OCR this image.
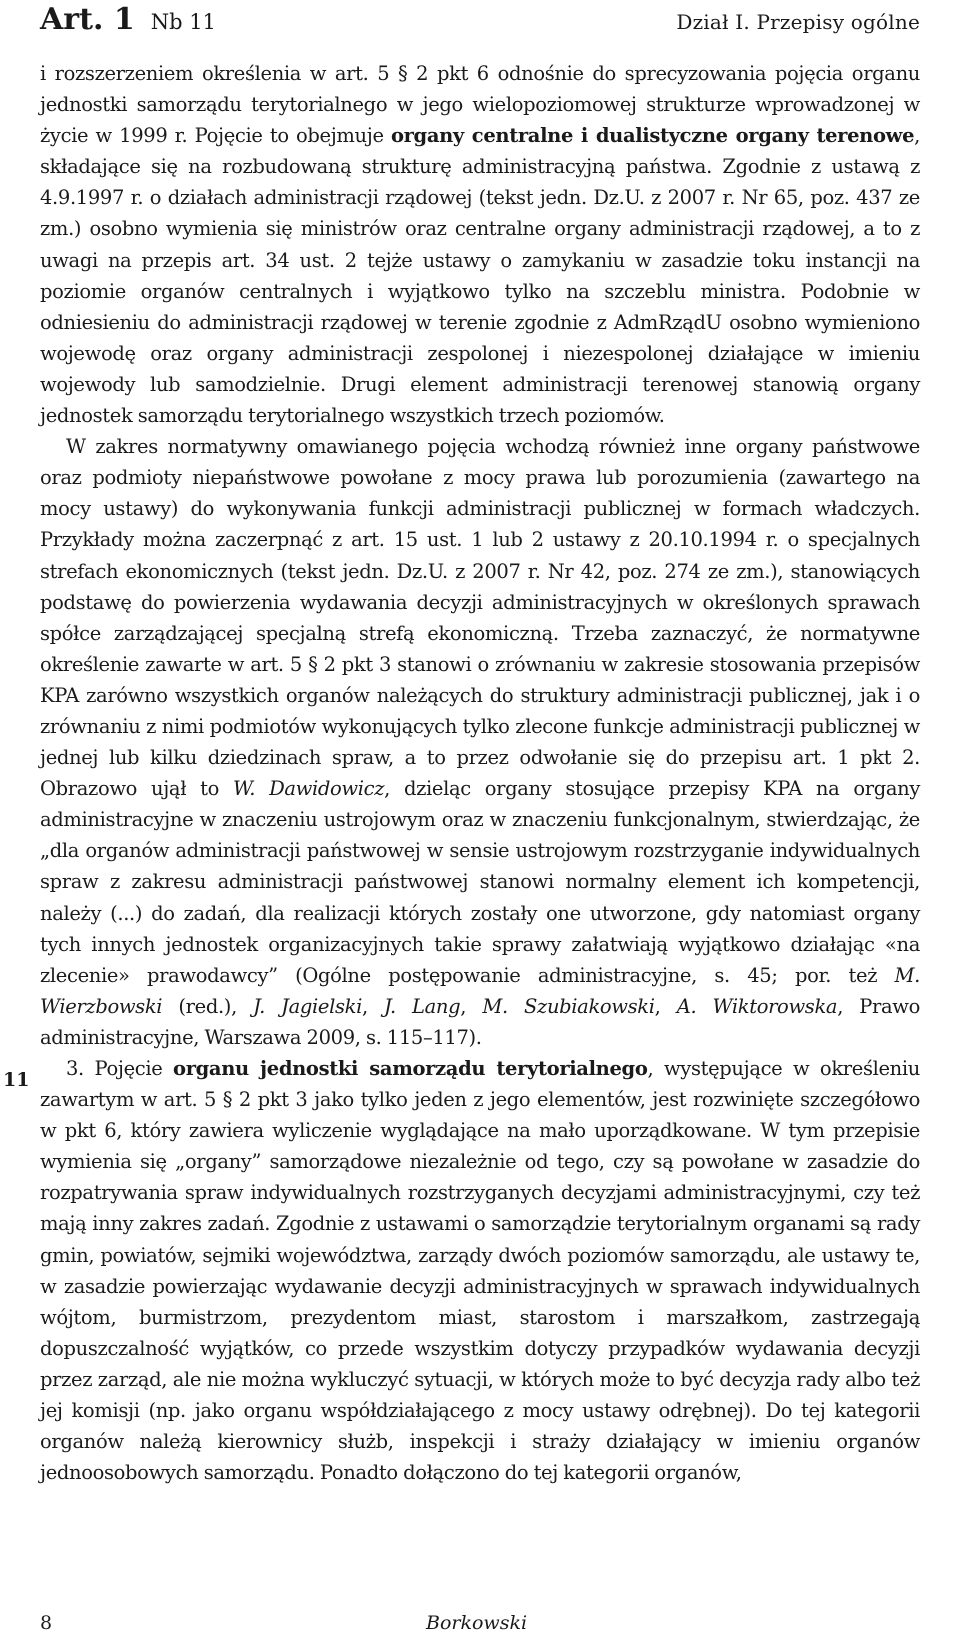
Art. 1 Nb 11	Dział I. Przepisy ogólne

i rozszerzeniem określenia w art. 5 § 2 pkt 6 odnośnie do sprecyzowania pojęcia organu jednostki samorządu terytorialnego w jego wielopoziomowej strukturze wprowadzonej w życie w 1999 r. Pojęcie to obejmuje organy centralne i dualistyczne organy terenowe, składające się na rozbudowaną strukturę administracyjną państwa. Zgodnie z ustawą z 4.9.1997 r. o działach administracji rządowej (tekst jedn. Dz.U. z 2007 r. Nr 65, poz. 437 ze zm.) osobno wymienia się ministrów oraz centralne organy administracji rządowej, a to z uwagi na przepis art. 34 ust. 2 tejże ustawy o zamykaniu w zasadzie toku instancji na poziomie organów centralnych i wyjątkowo tylko na szczeblu ministra. Podobnie w odniesieniu do administracji rządowej w terenie zgodnie z AdmRządU osobno wymieniono wojewodę oraz organy administracji zespolonej i niezespolonej działające w imieniu wojewody lub samodzielnie. Drugi element administracji terenowej stanowią organy jednostek samorządu terytorialnego wszystkich trzech poziomów.

W zakres normatywny omawianego pojęcia wchodzą również inne organy państwowe oraz podmioty niepaństwowe powołane z mocy prawa lub porozumienia (zawartego na mocy ustawy) do wykonywania funkcji administracji publicznej w formach władczych. Przykłady można zaczerpnąć z art. 15 ust. 1 lub 2 ustawy z 20.10.1994 r. o specjalnych strefach ekonomicznych (tekst jedn. Dz.U. z 2007 r. Nr 42, poz. 274 ze zm.), stanowiących podstawę do powierzenia wydawania decyzji administracyjnych w określonych sprawach spółce zarządzającej specjalną strefą ekonomiczną. Trzeba zaznaczyć, że normatywne określenie zawarte w art. 5 § 2 pkt 3 stanowi o zrównaniu w zakresie stosowania przepisów KPA zarówno wszystkich organów należących do struktury administracji publicznej, jak i o zrównaniu z nimi podmiotów wykonujących tylko zlecone funkcje administracji publicznej w jednej lub kilku dziedzinach spraw, a to przez odwołanie się do przepisu art. 1 pkt 2. Obrazowo ujął to W. Dawidowicz, dzieląc organy stosujące przepisy KPA na organy administracyjne w znaczeniu ustrojowym oraz w znaczeniu funkcjonalnym, stwierdzając, że „dla organów administracji państwowej w sensie ustrojowym rozstrzyganie indywidualnych spraw z zakresu administracji państwowej stanowi normalny element ich kompetencji, należy (...) do zadań, dla realizacji których zostały one utworzone, gdy natomiast organy tych innych jednostek organizacyjnych takie sprawy załatwiają wyjątkowo działając «na zlecenie» prawodawcy” (Ogólne postępowanie administracyjne, s. 45; por. też M. Wierzbowski (red.), J. Jagielski, J. Lang, M. Szubiakowski, A. Wiktorowska, Prawo administracyjne, Warszawa 2009, s. 115–117).

3. Pojęcie organu jednostki samorządu terytorialnego, występujące w określeniu zawartym w art. 5 § 2 pkt 3 jako tylko jeden z jego elementów, jest rozwinięte szczegółowo w pkt 6, który zawiera wyliczenie wyglądające na mało uporządkowane. W tym przepisie wymienia się „organy” samorządowe niezależnie od tego, czy są powołane w zasadzie do rozpatrywania spraw indywidualnych rozstrzyganych decyzjami administracyjnymi, czy też mają inny zakres zadań. Zgodnie z ustawami o samorządzie terytorialnym organami są rady gmin, powiatów, sejmiki województwa, zarządy dwóch poziomów samorządu, ale ustawy te, w zasadzie powierzając wydawanie decyzji administracyjnych w sprawach indywidualnych wójtom, burmistrzom, prezydentom miast, starostom i marszałkom, zastrzegają dopuszczalność wyjątków, co przede wszystkim dotyczy przypadków wydawania decyzji przez zarząd, ale nie można wykluczyć sytuacji, w których może to być decyzja rady albo też jej komisji (np. jako organu współdziałającego z mocy ustawy odrębnej). Do tej kategorii organów należą kierownicy służb, inspekcji i straży działający w imieniu organów jednoosobowych samorządu. Ponadto dołączono do tej kategorii organów,

11
8	Borkowski
